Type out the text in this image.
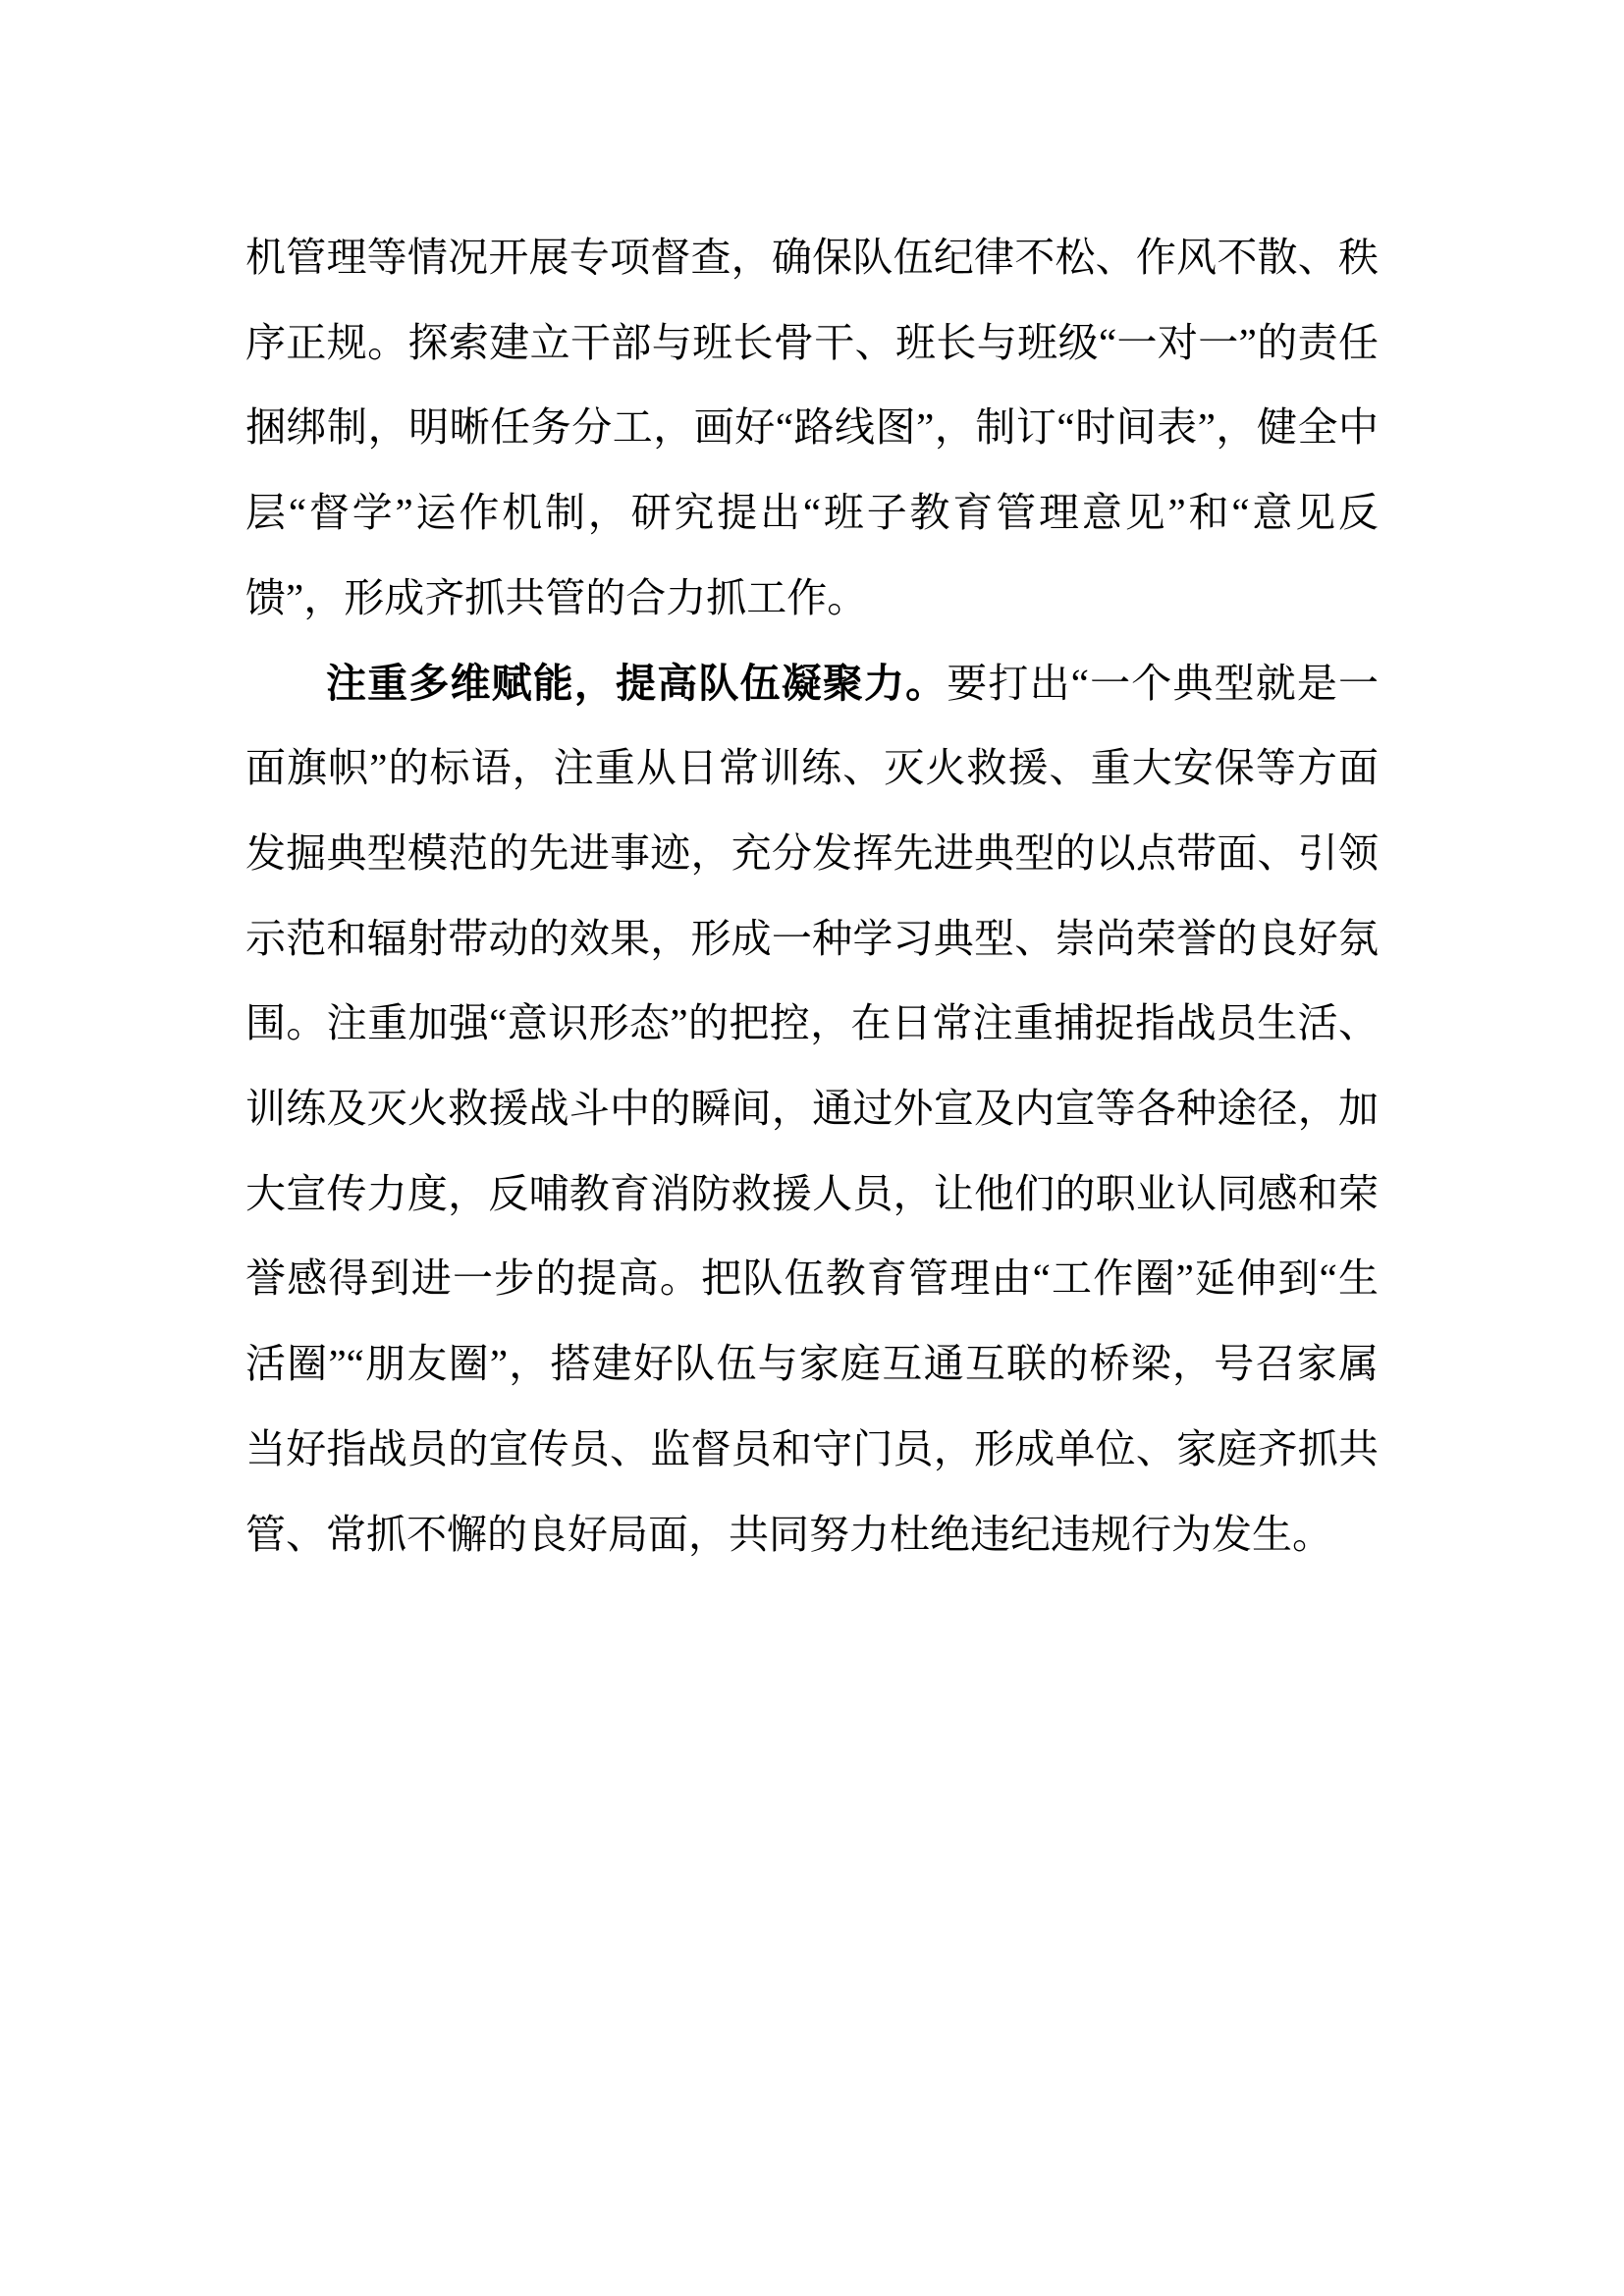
机管理等情况开展专项督查，确保队伍纪律不松、作风不散、秩序正规。探索建立干部与班长骨干、班长与班级“一对一”的责任捆绑制，明晰任务分工，画好“路线图”，制订“时间表”，健全中层“督学”运作机制，研究提出“班子教育管理意见”和“意见反馈”，形成齐抓共管的合力抓工作。

注重多维赋能，提高队伍凝聚力。要打出“一个典型就是一面旗帜”的标语，注重从日常训练、灭火救援、重大安保等方面发掘典型模范的先进事迹，充分发挥先进典型的以点带面、引领示范和辐射带动的效果，形成一种学习典型、崇尚荣誉的良好氛围。注重加强“意识形态”的把控，在日常注重捕捉指战员生活、训练及灭火救援战斗中的瞬间，通过外宣及内宣等各种途径，加大宣传力度，反哺教育消防救援人员，让他们的职业认同感和荣誉感得到进一步的提高。把队伍教育管理由“工作圈”延伸到“生活圈”“朋友圈”，搭建好队伍与家庭互通互联的桥梁，号召家属当好指战员的宣传员、监督员和守门员，形成单位、家庭齐抓共管、常抓不懈的良好局面，共同努力杜绝违纪违规行为发生。
